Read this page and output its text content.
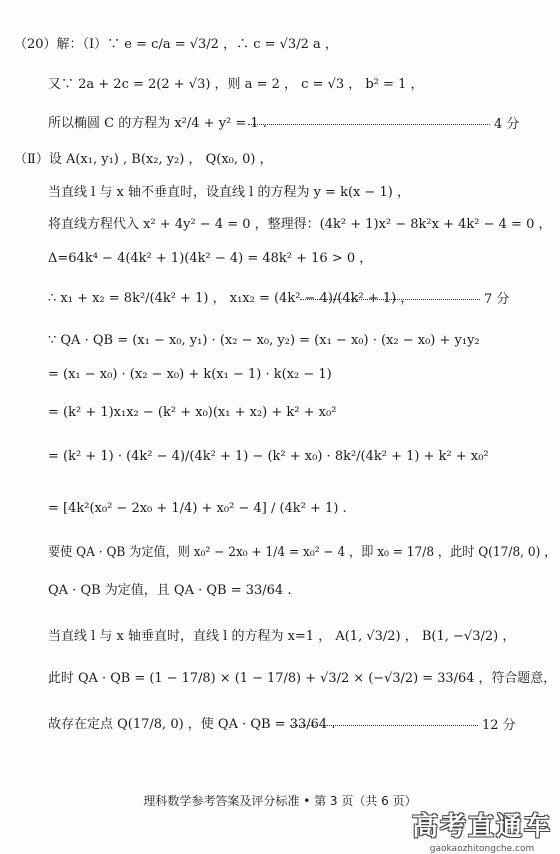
（20）解：（Ⅰ）∵ e = c/a = √3/2 ，∴ c = √3/2 a ，
又∵ 2a + 2c = 2(2 + √3) ，则 a = 2 ， c = √3 ， b² = 1 ，
所以椭圆 C 的方程为 x²/4 + y² = 1 .	4 分
（Ⅱ）设 A(x₁, y₁) , B(x₂, y₂) ， Q(x₀, 0) ，
当直线 l 与 x 轴不垂直时，设直线 l 的方程为 y = k(x − 1) ，
将直线方程代入 x² + 4y² − 4 = 0 ，整理得：(4k² + 1)x² − 8k²x + 4k² − 4 = 0 ，
Δ=64k⁴ − 4(4k² + 1)(4k² − 4) = 48k² + 16 > 0 ，
∴ x₁ + x₂ = 8k²/(4k² + 1) ， x₁x₂ = (4k² − 4)/(4k² + 1) ，	7 分
∵ QA · QB = (x₁ − x₀, y₁) · (x₂ − x₀, y₂) = (x₁ − x₀) · (x₂ − x₀) + y₁y₂
= (x₁ − x₀) · (x₂ − x₀) + k(x₁ − 1) · k(x₂ − 1)
= (k² + 1)x₁x₂ − (k² + x₀)(x₁ + x₂) + k² + x₀²
= (k² + 1) · (4k² − 4)/(4k² + 1) − (k² + x₀) · 8k²/(4k² + 1) + k² + x₀²
= [4k²(x₀² − 2x₀ + 1/4) + x₀² − 4] / (4k² + 1) .
要使 QA · QB 为定值，则 x₀² − 2x₀ + 1/4 = x₀² − 4 ，即 x₀ = 17/8 ，此时 Q(17/8, 0) ，
QA · QB 为定值，且 QA · QB = 33/64 .
当直线 l 与 x 轴垂直时，直线 l 的方程为 x=1 ， A(1, √3/2) ， B(1, −√3/2) ，
此时 QA · QB = (1 − 17/8) × (1 − 17/8) + √3/2 × (−√3/2) = 33/64 ，符合题意，
故存在定点 Q(17/8, 0) ，使 QA · QB = 33/64 .	12 分
理科数学参考答案及评分标准 • 第 3 页（共 6 页）
高考直通车
gaokaozhitongche.com
